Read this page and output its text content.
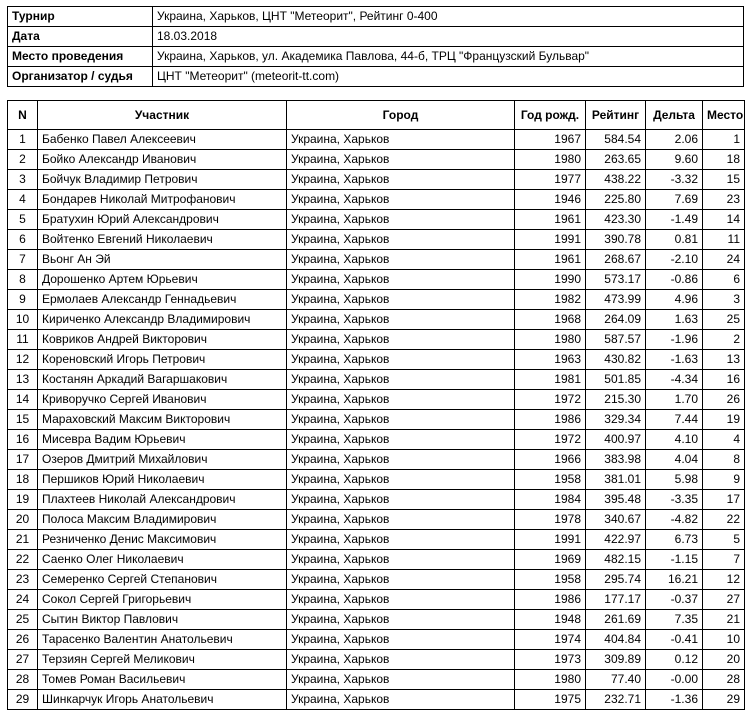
Турнир	Украина, Харьков, ЦНТ "Метеорит", Рейтинг 0-400
Дата	18.03.2018
Место проведения	Украина, Харьков, ул. Академика Павлова, 44-б, ТРЦ "Французский Бульвар"
Организатор / судья	ЦНТ "Метеорит" (meteorit-tt.com)
N	Участник	Город	Год рожд.	Рейтинг	Дельта	Место
1	Бабенко Павел Алексеевич	Украина, Харьков	1967	584.54	2.06	1
2	Бойко Александр Иванович	Украина, Харьков	1980	263.65	9.60	18
3	Бойчук Владимир Петрович	Украина, Харьков	1977	438.22	-3.32	15
4	Бондарев Николай Митрофанович	Украина, Харьков	1946	225.80	7.69	23
5	Братухин Юрий Александрович	Украина, Харьков	1961	423.30	-1.49	14
6	Войтенко Евгений Николаевич	Украина, Харьков	1991	390.78	0.81	11
7	Вьонг Ан Эй	Украина, Харьков	1961	268.67	-2.10	24
8	Дорошенко Артем Юрьевич	Украина, Харьков	1990	573.17	-0.86	6
9	Ермолаев Александр Геннадьевич	Украина, Харьков	1982	473.99	4.96	3
10	Кириченко Александр Владимирович	Украина, Харьков	1968	264.09	1.63	25
11	Ковриков Андрей Викторович	Украина, Харьков	1980	587.57	-1.96	2
12	Кореновский Игорь Петрович	Украина, Харьков	1963	430.82	-1.63	13
13	Костанян Аркадий Вагаршакович	Украина, Харьков	1981	501.85	-4.34	16
14	Криворучко Сергей Иванович	Украина, Харьков	1972	215.30	1.70	26
15	Мараховский Максим Викторович	Украина, Харьков	1986	329.34	7.44	19
16	Мисевра Вадим Юрьевич	Украина, Харьков	1972	400.97	4.10	4
17	Озеров Дмитрий Михайлович	Украина, Харьков	1966	383.98	4.04	8
18	Першиков Юрий Николаевич	Украина, Харьков	1958	381.01	5.98	9
19	Плахтеев Николай Александрович	Украина, Харьков	1984	395.48	-3.35	17
20	Полоса Максим Владимирович	Украина, Харьков	1978	340.67	-4.82	22
21	Резниченко Денис Максимович	Украина, Харьков	1991	422.97	6.73	5
22	Саенко Олег Николаевич	Украина, Харьков	1969	482.15	-1.15	7
23	Семеренко Сергей Степанович	Украина, Харьков	1958	295.74	16.21	12
24	Сокол Сергей Григорьевич	Украина, Харьков	1986	177.17	-0.37	27
25	Сытин Виктор Павлович	Украина, Харьков	1948	261.69	7.35	21
26	Тарасенко Валентин Анатольевич	Украина, Харьков	1974	404.84	-0.41	10
27	Терзиян Сергей Меликович	Украина, Харьков	1973	309.89	0.12	20
28	Томев Роман Васильевич	Украина, Харьков	1980	77.40	-0.00	28
29	Шинкарчук Игорь Анатольевич	Украина, Харьков	1975	232.71	-1.36	29
